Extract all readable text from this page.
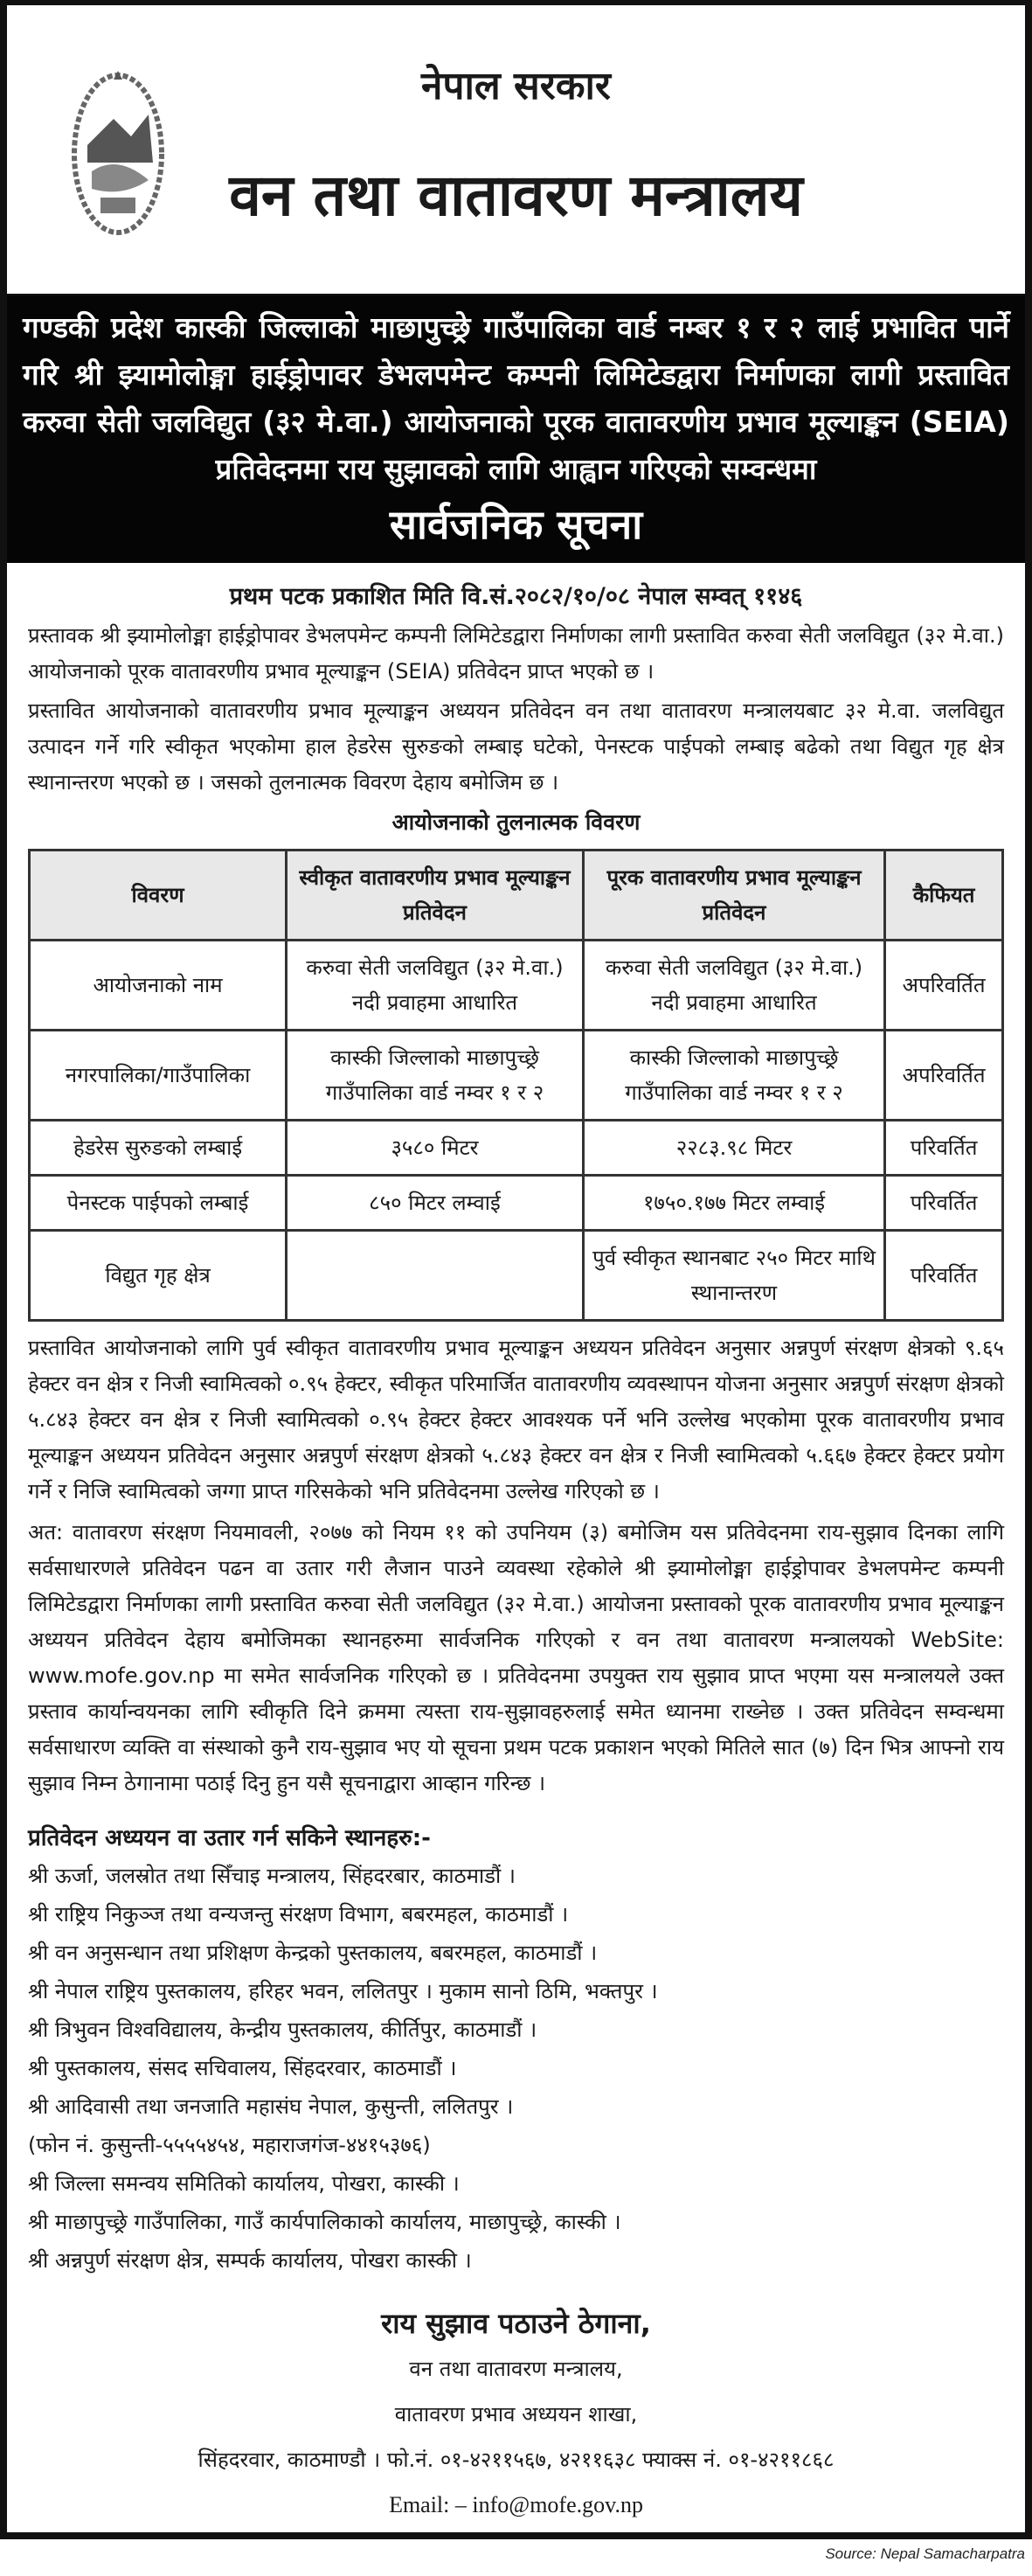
नेपाल सरकार
वन तथा वातावरण मन्त्रालय
गण्डकी प्रदेश कास्की जिल्लाको माछापुच्छ्रे गाउँपालिका वार्ड नम्बर १ र २ लाई प्रभावित पार्ने गरि श्री झ्यामोलोङ्मा हाईड्रोपावर डेभलपमेन्ट कम्पनी लिमिटेडद्वारा निर्माणका लागी प्रस्तावित करुवा सेती जलविद्युत (३२ मे.वा.) आयोजनाको पूरक वातावरणीय प्रभाव मूल्याङ्कन (SEIA) प्रतिवेदनमा राय सुझावको लागि आह्वान गरिएको सम्वन्धमा
सार्वजनिक सूचना
प्रथम पटक प्रकाशित मिति वि.सं.२०८२/१०/०८ नेपाल सम्वत् ११४६

प्रस्तावक श्री झ्यामोलोङ्मा हाईड्रोपावर डेभलपमेन्ट कम्पनी लिमिटेडद्वारा निर्माणका लागी प्रस्तावित करुवा सेती जलविद्युत (३२ मे.वा.) आयोजनाको पूरक वातावरणीय प्रभाव मूल्याङ्कन (SEIA) प्रतिवेदन प्राप्त भएको छ ।

प्रस्तावित आयोजनाको वातावरणीय प्रभाव मूल्याङ्कन अध्ययन प्रतिवेदन वन तथा वातावरण मन्त्रालयबाट ३२ मे.वा. जलविद्युत उत्पादन गर्ने गरि स्वीकृत भएकोमा हाल हेडरेस सुरुङको लम्बाइ घटेको, पेनस्टक पाईपको लम्बाइ बढेको तथा विद्युत गृह क्षेत्र स्थानान्तरण भएको छ । जसको तुलनात्मक विवरण देहाय बमोजिम छ ।

आयोजनाको तुलनात्मक विवरण
विवरण	स्वीकृत वातावरणीय प्रभाव मूल्याङ्कन प्रतिवेदन	पूरक वातावरणीय प्रभाव मूल्याङ्कन प्रतिवेदन	कैफियत
आयोजनाको नाम	करुवा सेती जलविद्युत (३२ मे.वा.) नदी प्रवाहमा आधारित	करुवा सेती जलविद्युत (३२ मे.वा.) नदी प्रवाहमा आधारित	अपरिवर्तित
नगरपालिका/गाउँपालिका	कास्की जिल्लाको माछापुच्छ्रे गाउँपालिका वार्ड नम्वर १ र २	कास्की जिल्लाको माछापुच्छ्रे गाउँपालिका वार्ड नम्वर १ र २	अपरिवर्तित
हेडरेस सुरुङको लम्बाई	३५८० मिटर	२२८३.९८ मिटर	परिवर्तित
पेनस्टक पाईपको लम्बाई	८५० मिटर लम्वाई	१७५०.१७७ मिटर लम्वाई	परिवर्तित
विद्युत गृह क्षेत्र		पुर्व स्वीकृत स्थानबाट २५० मिटर माथि स्थानान्तरण	परिवर्तित

प्रस्तावित आयोजनाको लागि पुर्व स्वीकृत वातावरणीय प्रभाव मूल्याङ्कन अध्ययन प्रतिवेदन अनुसार अन्नपुर्ण संरक्षण क्षेत्रको ९.६५ हेक्टर वन क्षेत्र र निजी स्वामित्वको ०.९५ हेक्टर, स्वीकृत परिमार्जित वातावरणीय व्यवस्थापन योजना अनुसार अन्नपुर्ण संरक्षण क्षेत्रको ५.८४३ हेक्टर वन क्षेत्र र निजी स्वामित्वको ०.९५ हेक्टर हेक्टर आवश्यक पर्ने भनि उल्लेख भएकोमा पूरक वातावरणीय प्रभाव मूल्याङ्कन अध्ययन प्रतिवेदन अनुसार अन्नपुर्ण संरक्षण क्षेत्रको ५.८४३ हेक्टर वन क्षेत्र र निजी स्वामित्वको ५.६६७ हेक्टर हेक्टर प्रयोग गर्ने र निजि स्वामित्वको जग्गा प्राप्त गरिसकेको भनि प्रतिवेदनमा उल्लेख गरिएको छ ।

अत: वातावरण संरक्षण नियमावली, २०७७ को नियम ११ को उपनियम (३) बमोजिम यस प्रतिवेदनमा राय-सुझाव दिनका लागि सर्वसाधारणले प्रतिवेदन पढन वा उतार गरी लैजान पाउने व्यवस्था रहेकोले श्री झ्यामोलोङ्मा हाईड्रोपावर डेभलपमेन्ट कम्पनी लिमिटेडद्वारा निर्माणका लागी प्रस्तावित करुवा सेती जलविद्युत (३२ मे.वा.) आयोजना प्रस्तावको पूरक वातावरणीय प्रभाव मूल्याङ्कन अध्ययन प्रतिवेदन देहाय बमोजिमका स्थानहरुमा सार्वजनिक गरिएको र वन तथा वातावरण मन्त्रालयको WebSite: www.mofe.gov.np मा समेत सार्वजनिक गरिएको छ । प्रतिवेदनमा उपयुक्त राय सुझाव प्राप्त भएमा यस मन्त्रालयले उक्त प्रस्ताव कार्यान्वयनका लागि स्वीकृति दिने क्रममा त्यस्ता राय-सुझावहरुलाई समेत ध्यानमा राख्नेछ । उक्त प्रतिवेदन सम्वन्धमा सर्वसाधारण व्यक्ति वा संस्थाको कुनै राय-सुझाव भए यो सूचना प्रथम पटक प्रकाशन भएको मितिले सात (७) दिन भित्र आफ्नो राय सुझाव निम्न ठेगानामा पठाई दिनु हुन यसै सूचनाद्वारा आव्हान गरिन्छ ।

प्रतिवेदन अध्ययन वा उतार गर्न सकिने स्थानहरु:-
श्री ऊर्जा, जलस्रोत तथा सिँचाइ मन्त्रालय, सिंहदरबार, काठमाडौं ।
श्री राष्ट्रिय निकुञ्ज तथा वन्यजन्तु संरक्षण विभाग, बबरमहल, काठमाडौं ।
श्री वन अनुसन्धान तथा प्रशिक्षण केन्द्रको पुस्तकालय, बबरमहल, काठमाडौं ।
श्री नेपाल राष्ट्रिय पुस्तकालय, हरिहर भवन, ललितपुर । मुकाम सानो ठिमि, भक्तपुर ।
श्री त्रिभुवन विश्वविद्यालय, केन्द्रीय पुस्तकालय, कीर्तिपुर, काठमाडौं ।
श्री पुस्तकालय, संसद सचिवालय, सिंहदरवार, काठमाडौं ।
श्री आदिवासी तथा जनजाति महासंघ नेपाल, कुसुन्ती, ललितपुर ।
(फोन नं. कुसुन्ती-५५५५४५४, महाराजगंज-४४१५३७६)
श्री जिल्ला समन्वय समितिको कार्यालय, पोखरा, कास्की ।
श्री माछापुच्छ्रे गाउँपालिका, गाउँ कार्यपालिकाको कार्यालय, माछापुच्छ्रे, कास्की ।
श्री अन्नपुर्ण संरक्षण क्षेत्र, सम्पर्क कार्यालय, पोखरा कास्की ।
राय सुझाव पठाउने ठेगाना,
वन तथा वातावरण मन्त्रालय,
वातावरण प्रभाव अध्ययन शाखा,
सिंहदरवार, काठमाण्डौ । फो.नं. ०१-४२११५६७, ४२११६३८ फ्याक्स नं. ०१-४२११८६८
Email: – info@mofe.gov.np
Source: Nepal Samacharpatra
